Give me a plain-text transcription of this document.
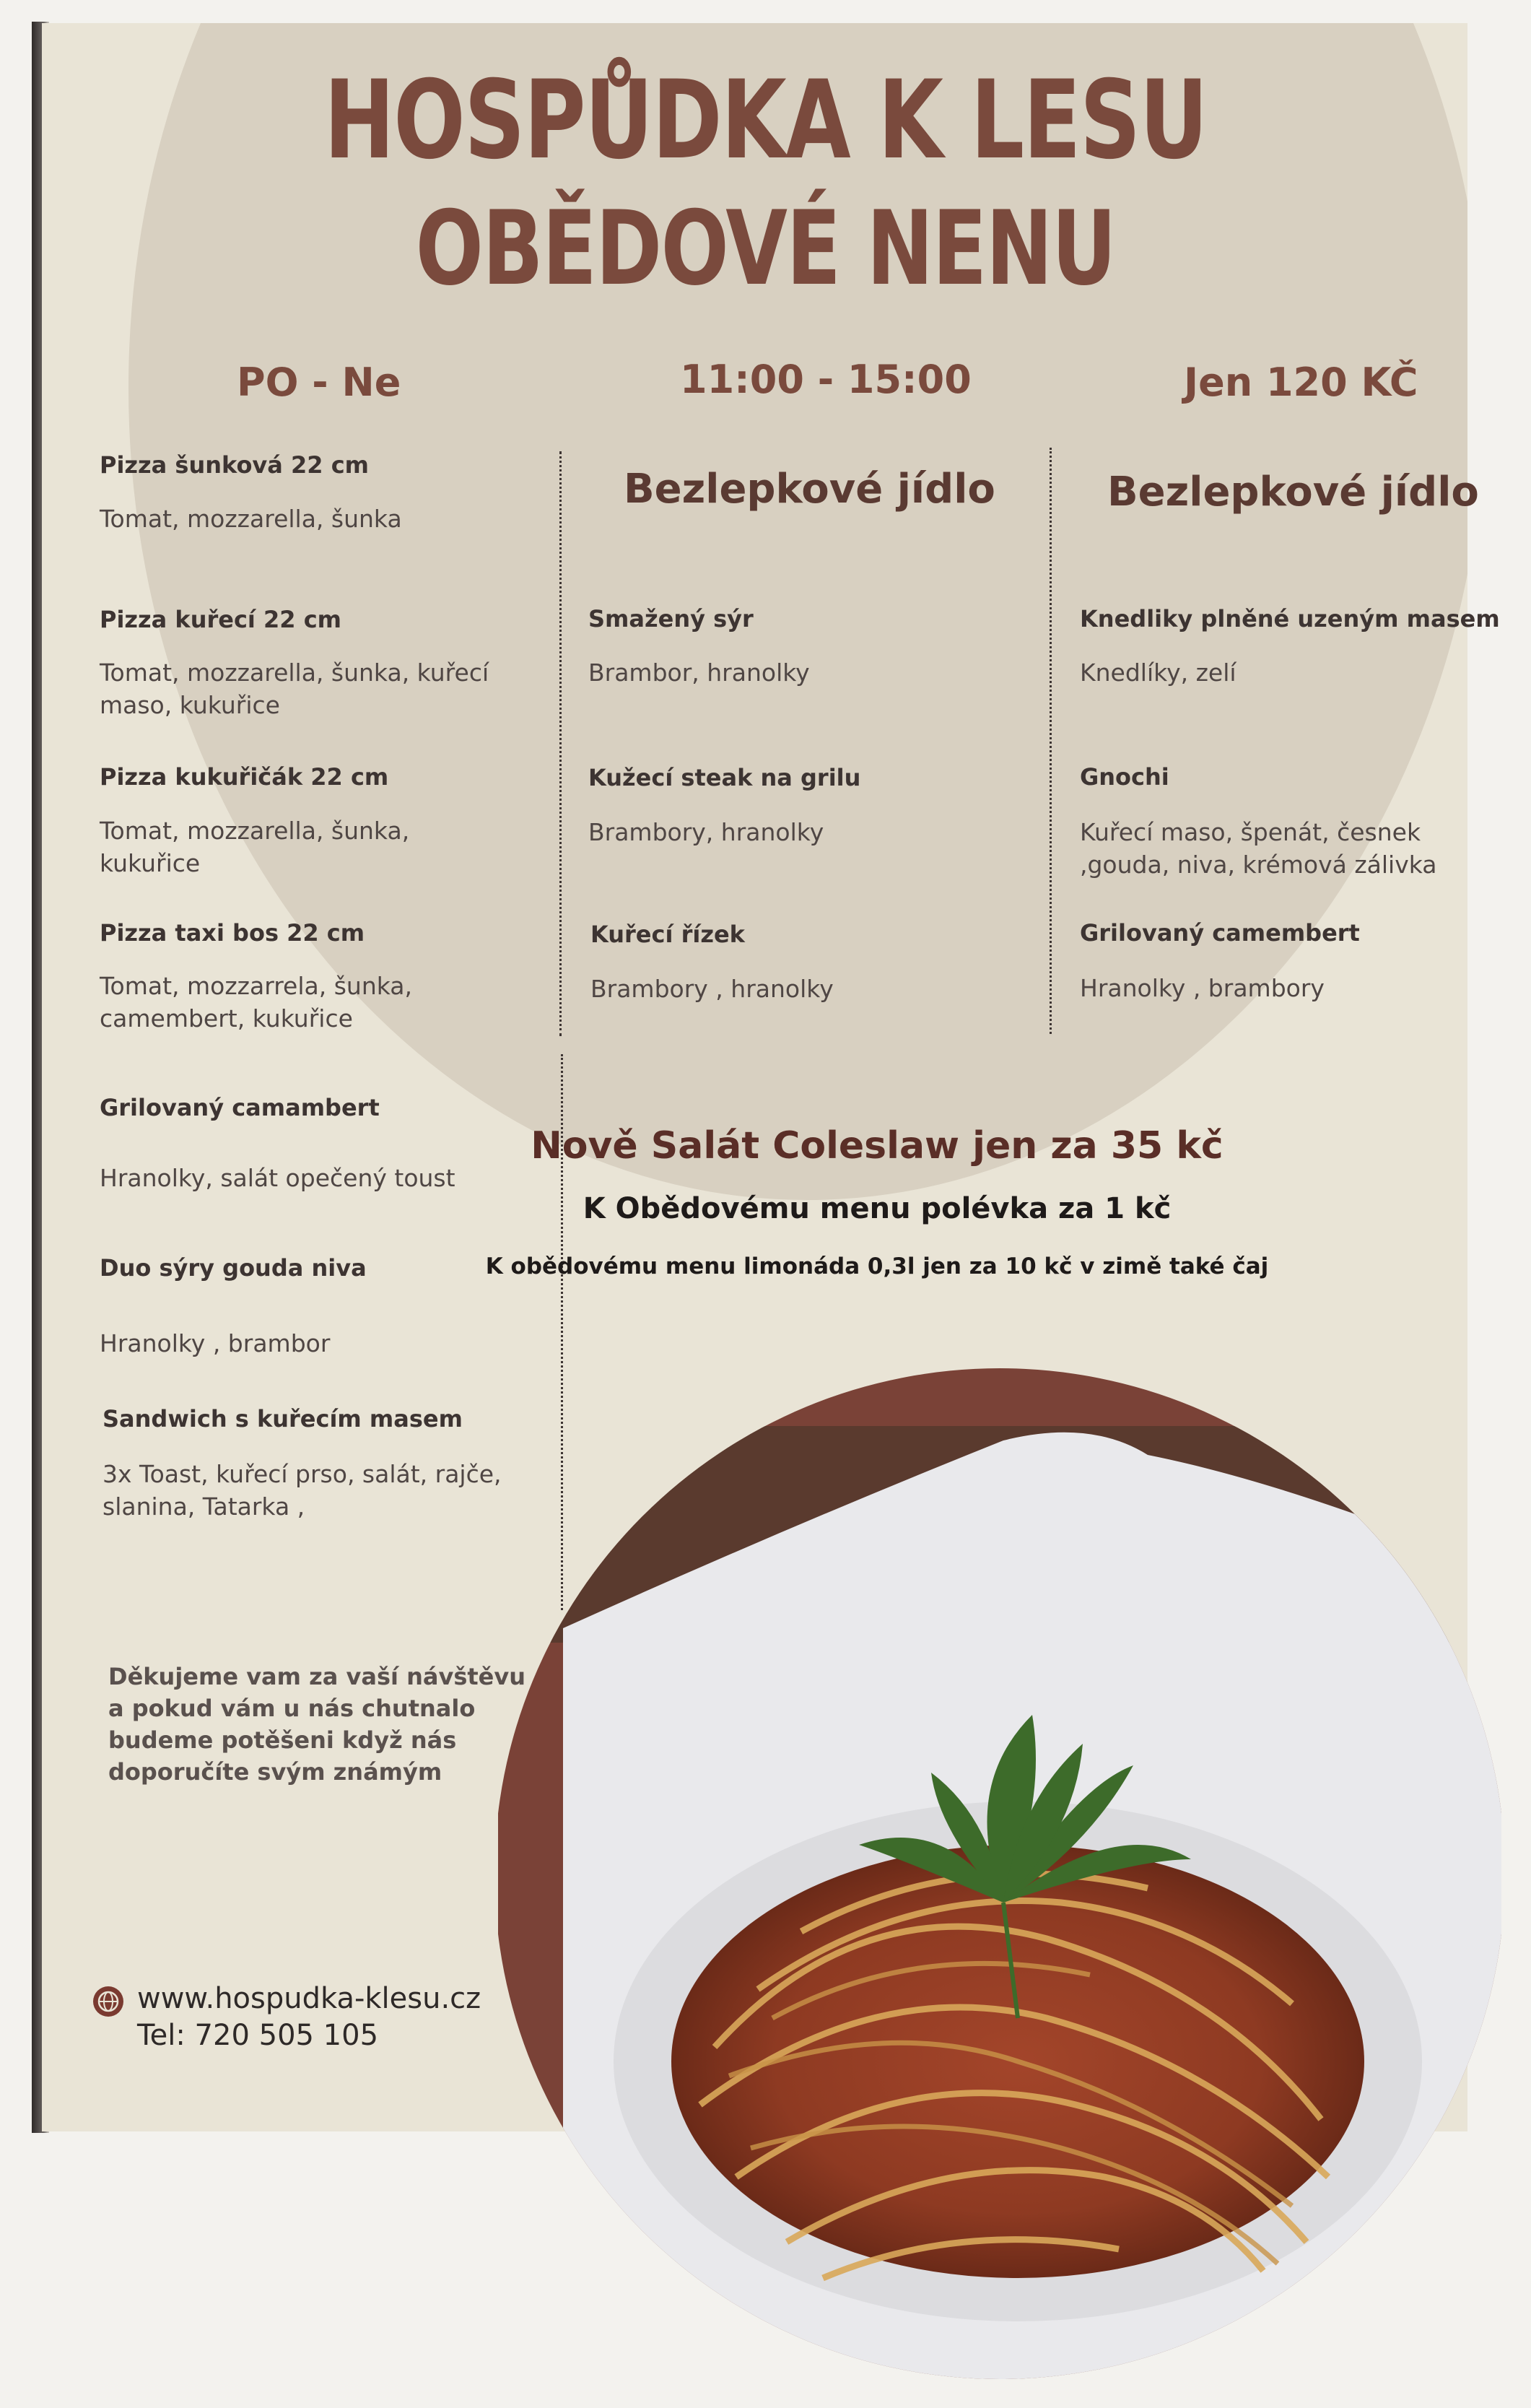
HOSPŮDKA K LESU
OBĚDOVÉ NENU
PO - Ne	11:00 - 15:00	Jen 120 KČ
Pizza šunková 22 cm
Tomat, mozzarella, šunka
Pizza kuřecí 22 cm
Tomat, mozzarella, šunka, kuřecí
maso, kukuřice
Pizza kukuřičák 22 cm
Tomat, mozzarella, šunka,
kukuřice
Pizza taxi bos 22 cm
Tomat, mozzarrela, šunka,
camembert, kukuřice
Grilovaný camambert
Hranolky, salát opečený toust
Duo sýry gouda niva
Hranolky , brambor
Sandwich s kuřecím masem
3x Toast, kuřecí prso, salát, rajče,
slanina, Tatarka ,
Bezlepkové jídlo
Smažený sýr
Brambor, hranolky
Kužecí steak na grilu
Brambory, hranolky
Kuřecí řízek
Brambory , hranolky
Bezlepkové jídlo
Knedliky plněné uzeným masem
Knedlíky, zelí
Gnochi
Kuřecí maso, špenát, česnek
,gouda, niva, krémová zálivka
Grilovaný camembert
Hranolky , brambory

Nově Salát Coleslaw jen za 35 kč

K Obědovému menu polévka za 1 kč

K obědovému menu limonáda 0,3l jen za 10 kč v zimě také čaj

Děkujeme vam za vaší návštěvu
a pokud vám u nás chutnalo
budeme potěšeni když nás
doporučíte svým známým
www.hospudka-klesu.cz
Tel: 720 505 105
